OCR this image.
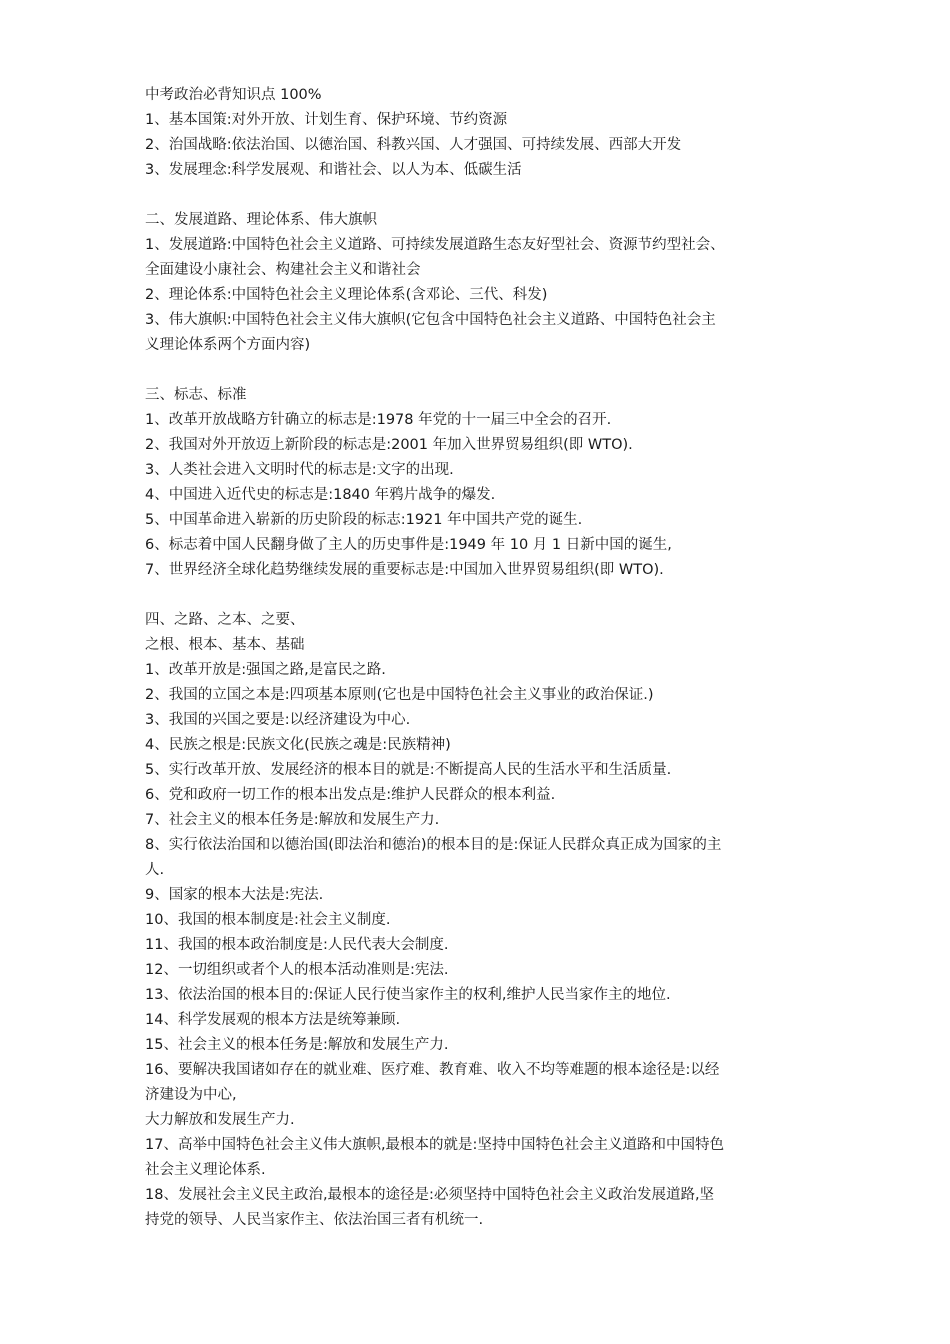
中考政治必背知识点 100%
1、基本国策:对外开放、计划生育、保护环境、节约资源
2、治国战略:依法治国、以德治国、科教兴国、人才强国、可持续发展、西部大开发
3、发展理念:科学发展观、和谐社会、以人为本、低碳生活
二、发展道路、理论体系、伟大旗帜
1、发展道路:中国特色社会主义道路、可持续发展道路生态友好型社会、资源节约型社会、
全面建设小康社会、构建社会主义和谐社会
2、理论体系:中国特色社会主义理论体系(含邓论、三代、科发)
3、伟大旗帜:中国特色社会主义伟大旗帜(它包含中国特色社会主义道路、中国特色社会主
义理论体系两个方面内容)
三、标志、标准
1、改革开放战略方针确立的标志是:1978 年党的十一届三中全会的召开.
2、我国对外开放迈上新阶段的标志是:2001 年加入世界贸易组织(即 WTO).
3、人类社会进入文明时代的标志是:文字的出现.
4、中国进入近代史的标志是:1840 年鸦片战争的爆发.
5、中国革命进入崭新的历史阶段的标志:1921 年中国共产党的诞生.
6、标志着中国人民翻身做了主人的历史事件是:1949 年 10 月 1 日新中国的诞生,
7、世界经济全球化趋势继续发展的重要标志是:中国加入世界贸易组织(即 WTO).
四、之路、之本、之要、
之根、根本、基本、基础
1、改革开放是:强国之路,是富民之路.
2、我国的立国之本是:四项基本原则(它也是中国特色社会主义事业的政治保证.)
3、我国的兴国之要是:以经济建设为中心.
4、民族之根是:民族文化(民族之魂是:民族精神)
5、实行改革开放、发展经济的根本目的就是:不断提高人民的生活水平和生活质量.
6、党和政府一切工作的根本出发点是:维护人民群众的根本利益.
7、社会主义的根本任务是:解放和发展生产力.
8、实行依法治国和以德治国(即法治和德治)的根本目的是:保证人民群众真正成为国家的主
人.
9、国家的根本大法是:宪法.
10、我国的根本制度是:社会主义制度.
11、我国的根本政治制度是:人民代表大会制度.
12、一切组织或者个人的根本活动准则是:宪法.
13、依法治国的根本目的:保证人民行使当家作主的权利,维护人民当家作主的地位.
14、科学发展观的根本方法是统筹兼顾.
15、社会主义的根本任务是:解放和发展生产力.
16、要解决我国诸如存在的就业难、医疗难、教育难、收入不均等难题的根本途径是:以经
济建设为中心,
大力解放和发展生产力.
17、高举中国特色社会主义伟大旗帜,最根本的就是:坚持中国特色社会主义道路和中国特色
社会主义理论体系.
18、发展社会主义民主政治,最根本的途径是:必须坚持中国特色社会主义政治发展道路,坚
持党的领导、人民当家作主、依法治国三者有机统一.
